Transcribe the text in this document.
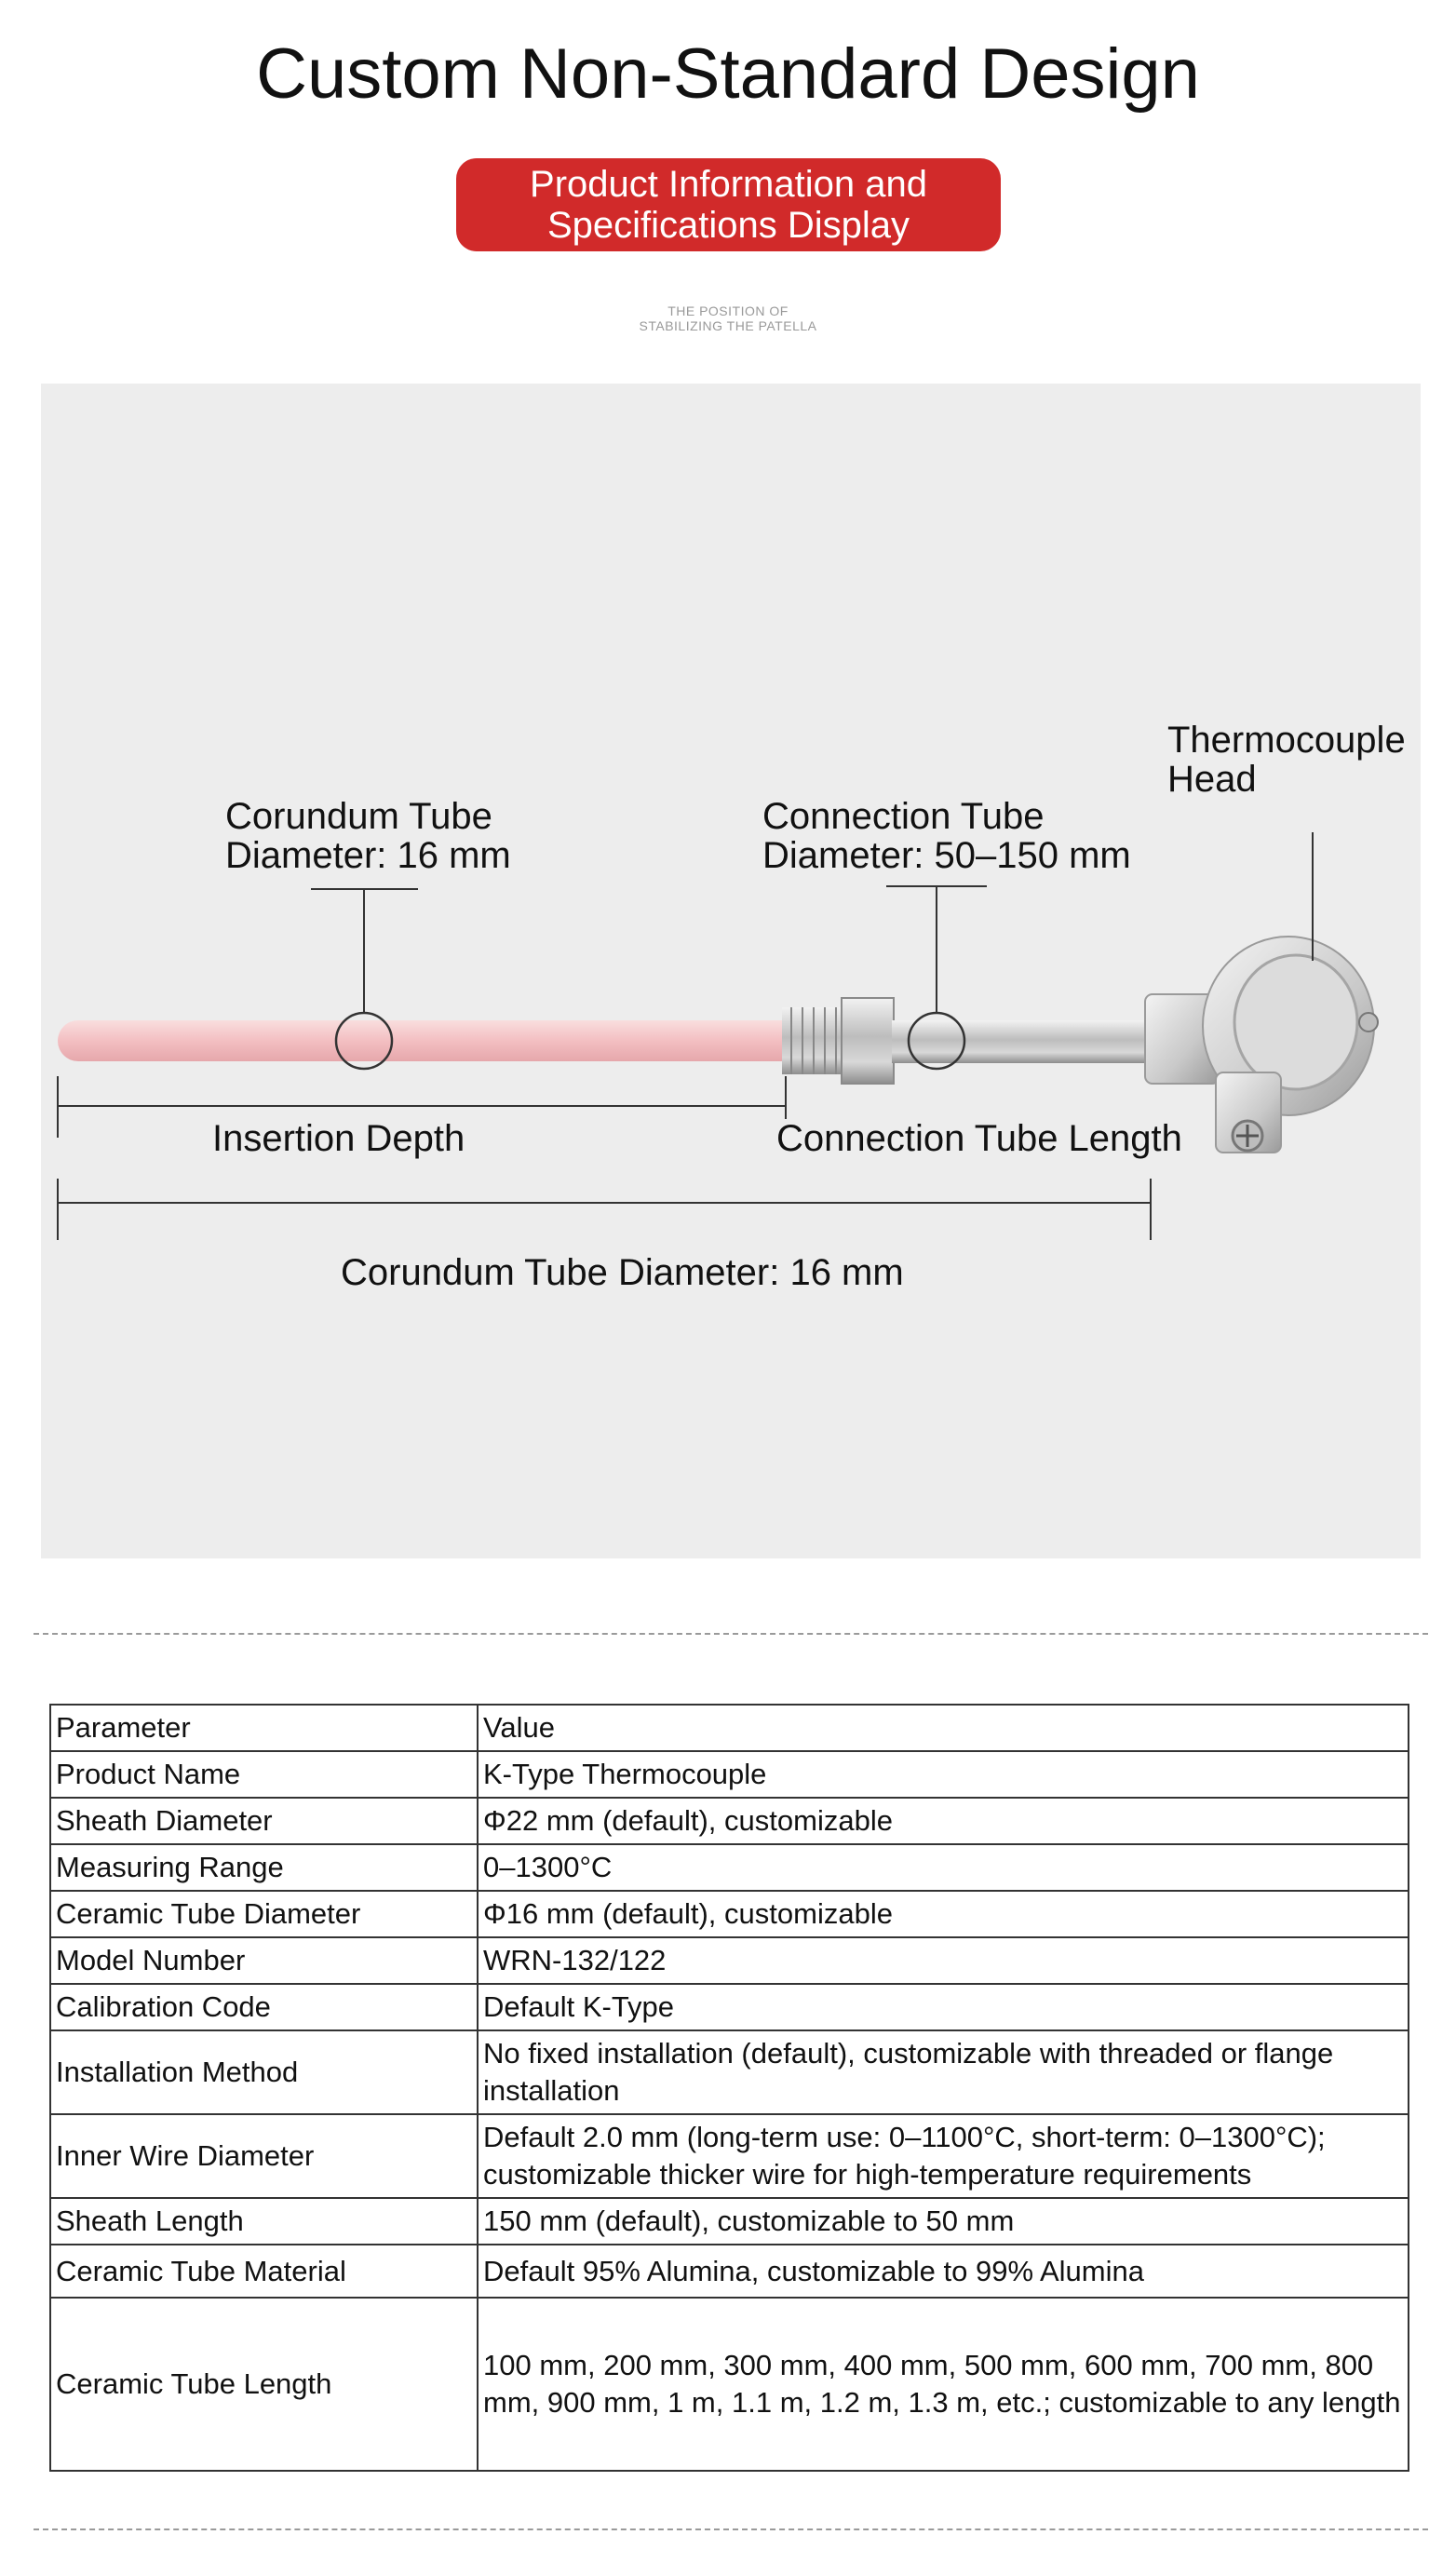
Custom Non-Standard Design
Product Information and
Specifications Display
THE POSITION OF
STABILIZING THE PATELLA
Corundum Tube
Diameter: 16 mm
Connection Tube
Diameter: 50–150 mm
Thermocouple
Head
Insertion Depth	Connection Tube Length
Corundum Tube Diameter: 16 mm
Parameter	Value
Product Name	K-Type Thermocouple
Sheath Diameter	Φ22 mm (default), customizable
Measuring Range	0–1300°C
Ceramic Tube Diameter	Φ16 mm (default), customizable
Model Number	WRN-132/122
Calibration Code	Default K-Type
Installation Method	No fixed installation (default), customizable with threaded or flange installation
Inner Wire Diameter	Default 2.0 mm (long-term use: 0–1100°C, short-term: 0–1300°C); customizable thicker wire for high-temperature requirements
Sheath Length	150 mm (default), customizable to 50 mm
Ceramic Tube Material	Default 95% Alumina, customizable to 99% Alumina
Ceramic Tube Length	100 mm, 200 mm, 300 mm, 400 mm, 500 mm, 600 mm, 700 mm, 800 mm, 900 mm, 1 m, 1.1 m, 1.2 m, 1.3 m, etc.; customizable to any length
